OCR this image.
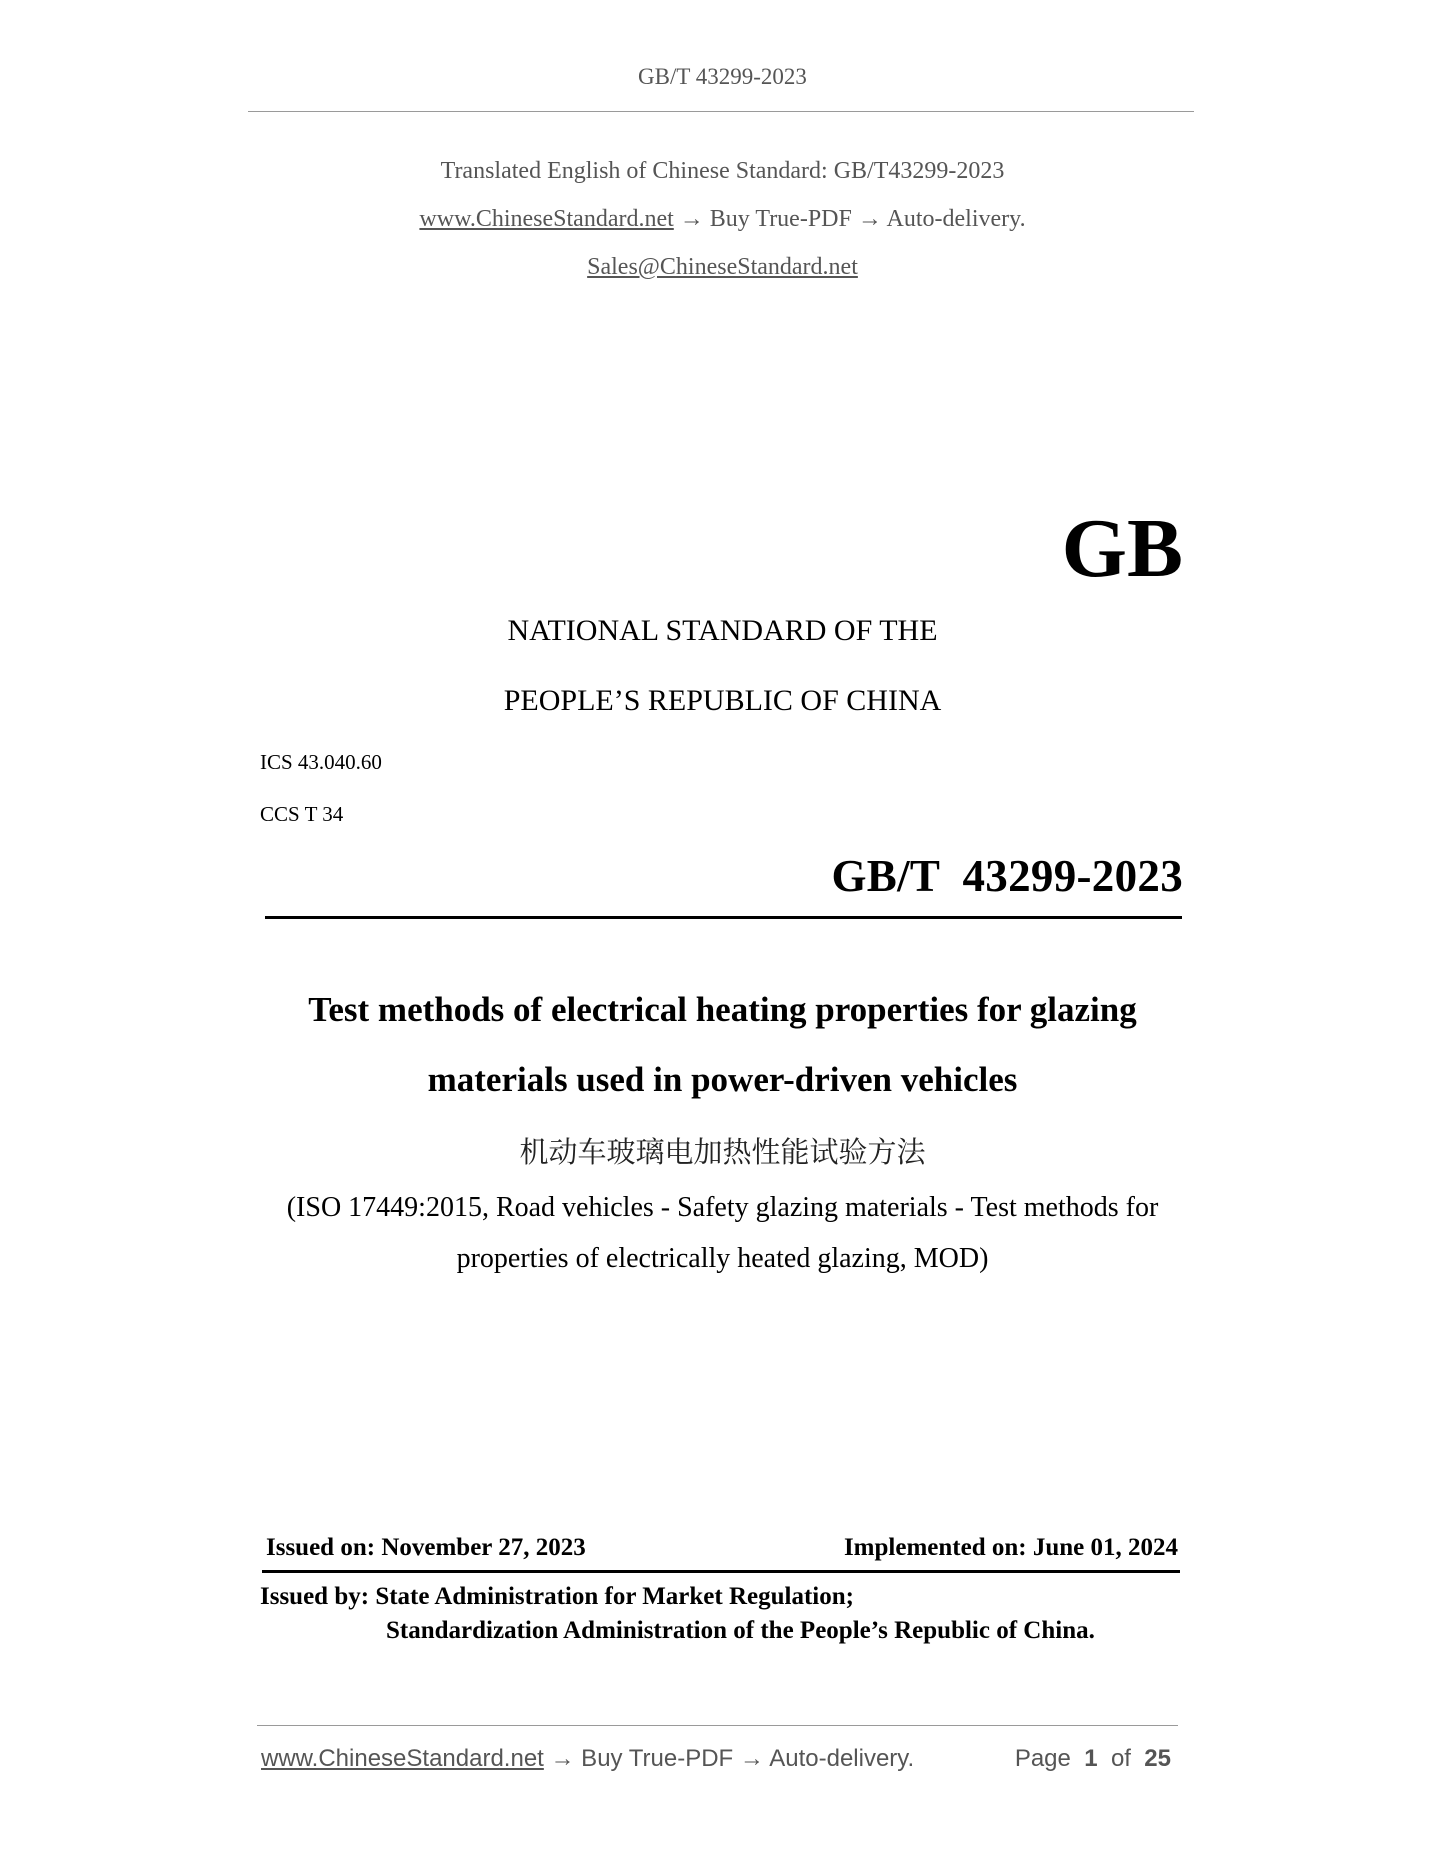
GB/T 43299-2023
Translated English of Chinese Standard: GB/T43299-2023
www.ChineseStandard.net → Buy True-PDF → Auto-delivery.
Sales@ChineseStandard.net
GB
NATIONAL STANDARD OF THE
PEOPLE’S REPUBLIC OF CHINA
ICS 43.040.60
CCS T 34
GB/T  43299-2023
Test methods of electrical heating properties for glazing
materials used in power-driven vehicles
机动车玻璃电加热性能试验方法
(ISO 17449:2015, Road vehicles - Safety glazing materials - Test methods for
properties of electrically heated glazing, MOD)
Issued on: November 27, 2023	Implemented on: June 01, 2024
Issued by: State Administration for Market Regulation;
Standardization Administration of the People’s Republic of China.
www.ChineseStandard.net → Buy True-PDF → Auto-delivery.	Page 1 of 25
